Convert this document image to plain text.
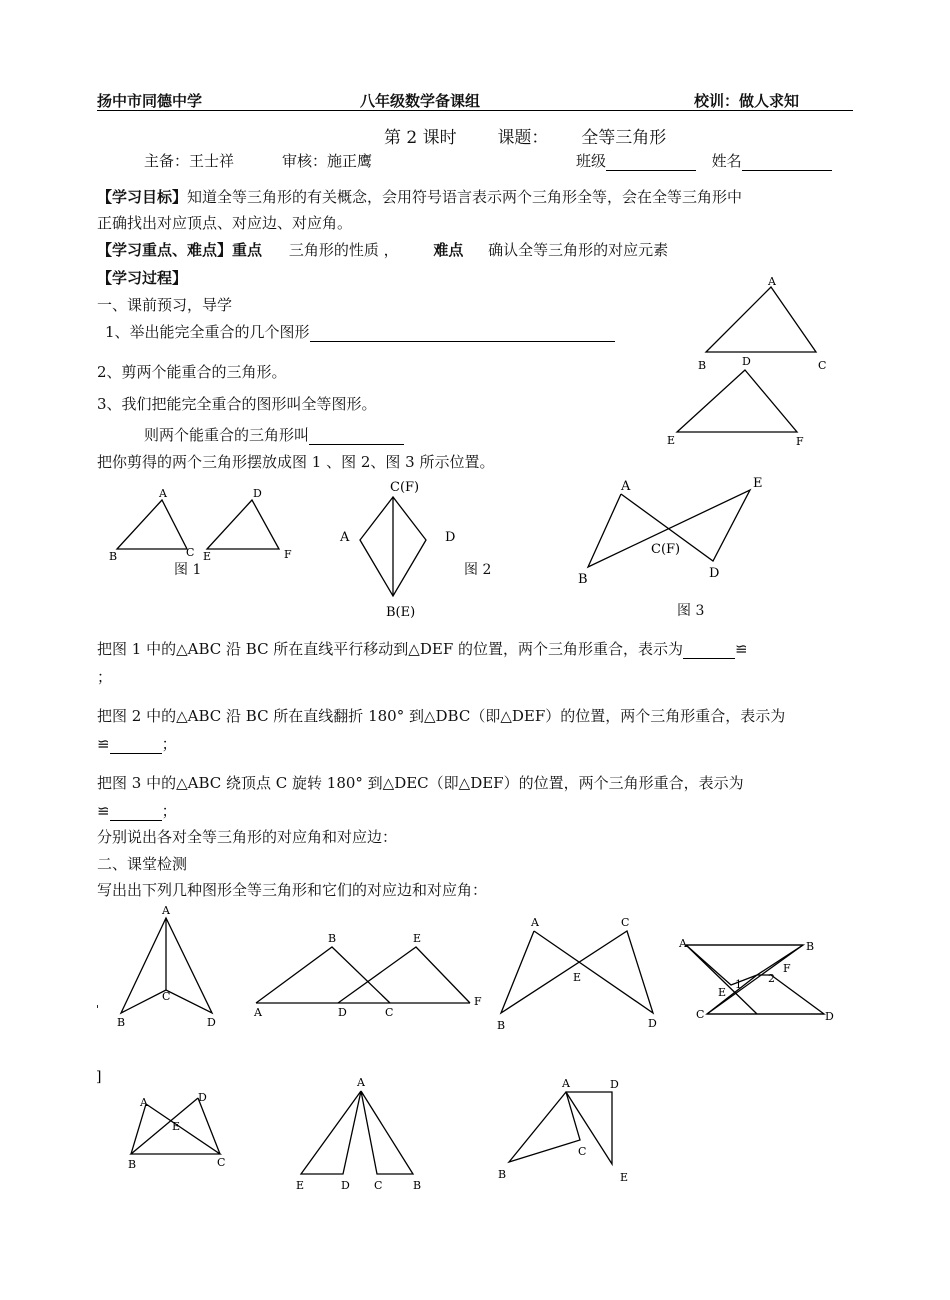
扬中市同德中学	八年级数学备课组	校训：做人求知
第 2 课时 课题： 全等三角形
主备：王士祥	审核：施正鹰	班级	姓名
【学习目标】知道全等三角形的有关概念，会用符号语言表示两个三角形全等，会在全等三角形中
正确找出对应顶点、对应边、对应角。
【学习重点、难点】重点 三角形的性质 ， 难点 确认全等三角形的对应元素
【学习过程】
一、课前预习，导学
1、举出能完全重合的几个图形
2、剪两个能重合的三角形。
3、我们把能完全重合的图形叫全等图形。
则两个能重合的三角形叫
把你剪得的两个三角形摆放成图 1 、图 2、图 3 所示位置。
A
B	C
D
E	F
A
B	C
D
E	F
C(F)
A	D
B(E)
A	E
C(F)
B	D
A
B
C
D
'
B	E
A	D	C
F
A	C
E
B	D
A	B
C	D
E
F
1 2
]
A	D
E
B	C
A
E	D C	B
A	D
C
B	E
图 1	图 2
图 3
把图 1 中的△ABC 沿 BC 所在直线平行移动到△DEF 的位置，两个三角形重合，表示为	≌
；
把图 2 中的△ABC 沿 BC 所在直线翻折 180° 到△DBC（即△DEF）的位置，两个三角形重合，表示为
≌	；
把图 3 中的△ABC 绕顶点 C 旋转 180° 到△DEC（即△DEF）的位置，两个三角形重合，表示为
≌	；
分别说出各对全等三角形的对应角和对应边：
二、课堂检测
写出出下列几种图形全等三角形和它们的对应边和对应角：
